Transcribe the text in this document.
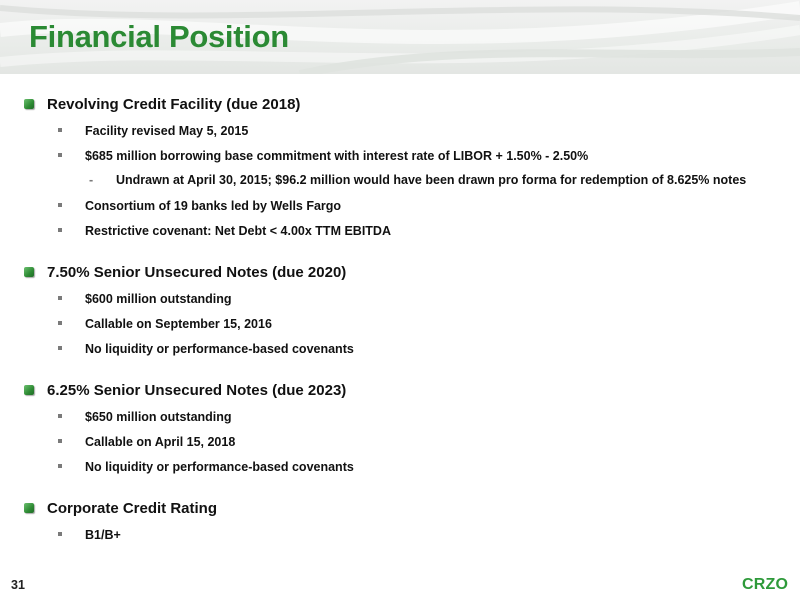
Financial Position
Revolving Credit Facility (due 2018)
Facility revised May 5, 2015
$685 million borrowing base commitment with interest rate of LIBOR + 1.50% - 2.50%
-	Undrawn at April 30, 2015; $96.2 million would have been drawn pro forma for redemption of 8.625% notes
Consortium of 19 banks led by Wells Fargo
Restrictive covenant: Net Debt < 4.00x TTM EBITDA
7.50% Senior Unsecured Notes (due 2020)
$600 million outstanding
Callable on September 15, 2016
No liquidity or performance-based covenants
6.25% Senior Unsecured Notes (due 2023)
$650 million outstanding
Callable on April 15, 2018
No liquidity or performance-based covenants
Corporate Credit Rating
B1/B+
31	CRZO
